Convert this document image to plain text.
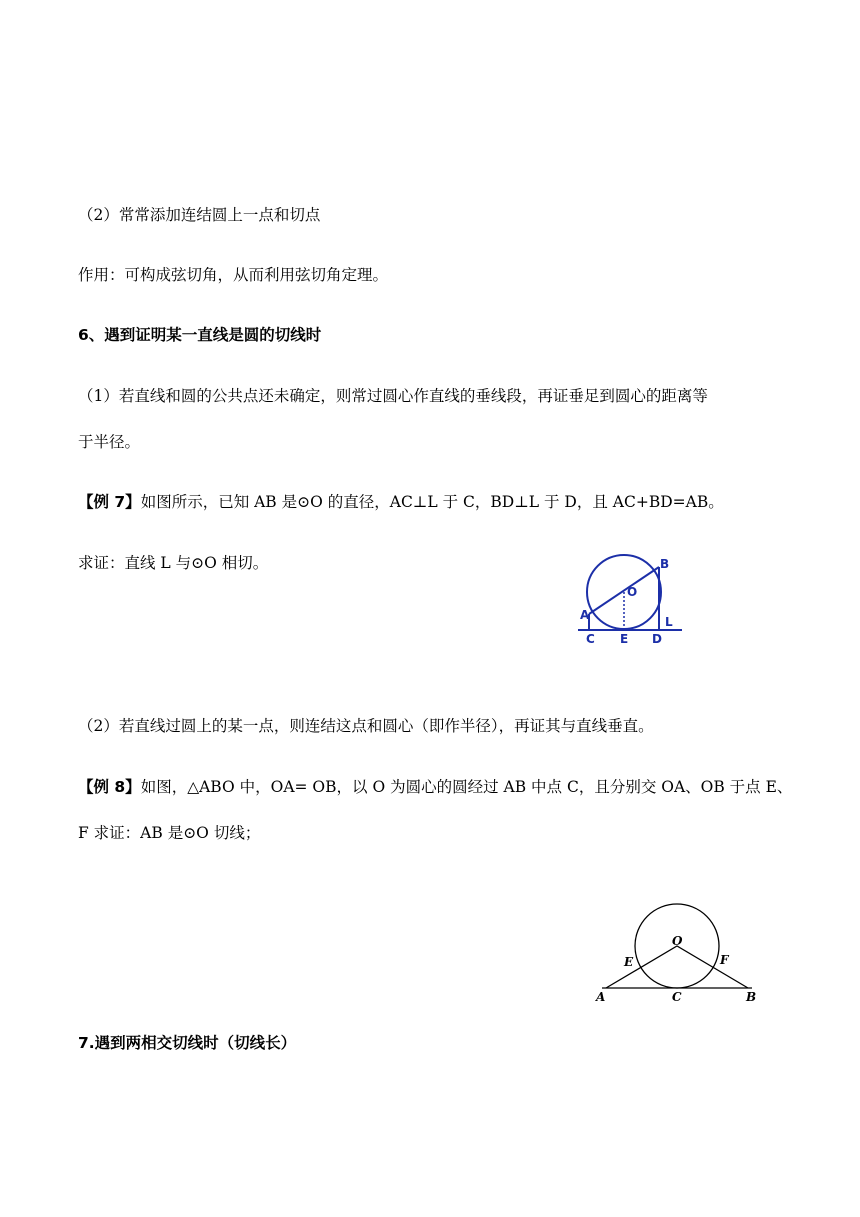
（2）常常添加连结圆上一点和切点
作用：可构成弦切角，从而利用弦切角定理。
6、遇到证明某一直线是圆的切线时
（1）若直线和圆的公共点还未确定，则常过圆心作直线的垂线段，再证垂足到圆心的距离等
于半径。
【例 7】如图所示，已知 AB 是⊙O 的直径，AC⊥L 于 C，BD⊥L 于 D，且 AC+BD=AB。
求证：直线 L 与⊙O 相切。	B
O
A	L
C E D
（2）若直线过圆上的某一点，则连结这点和圆心（即作半径），再证其与直线垂直。
【例 8】如图，△ABO 中，OA= OB，以 O 为圆心的圆经过 AB 中点 C，且分别交 OA、OB 于点 E、
F 求证：AB 是⊙O 切线；
O
E	F
A	C	B
7.遇到两相交切线时（切线长）
